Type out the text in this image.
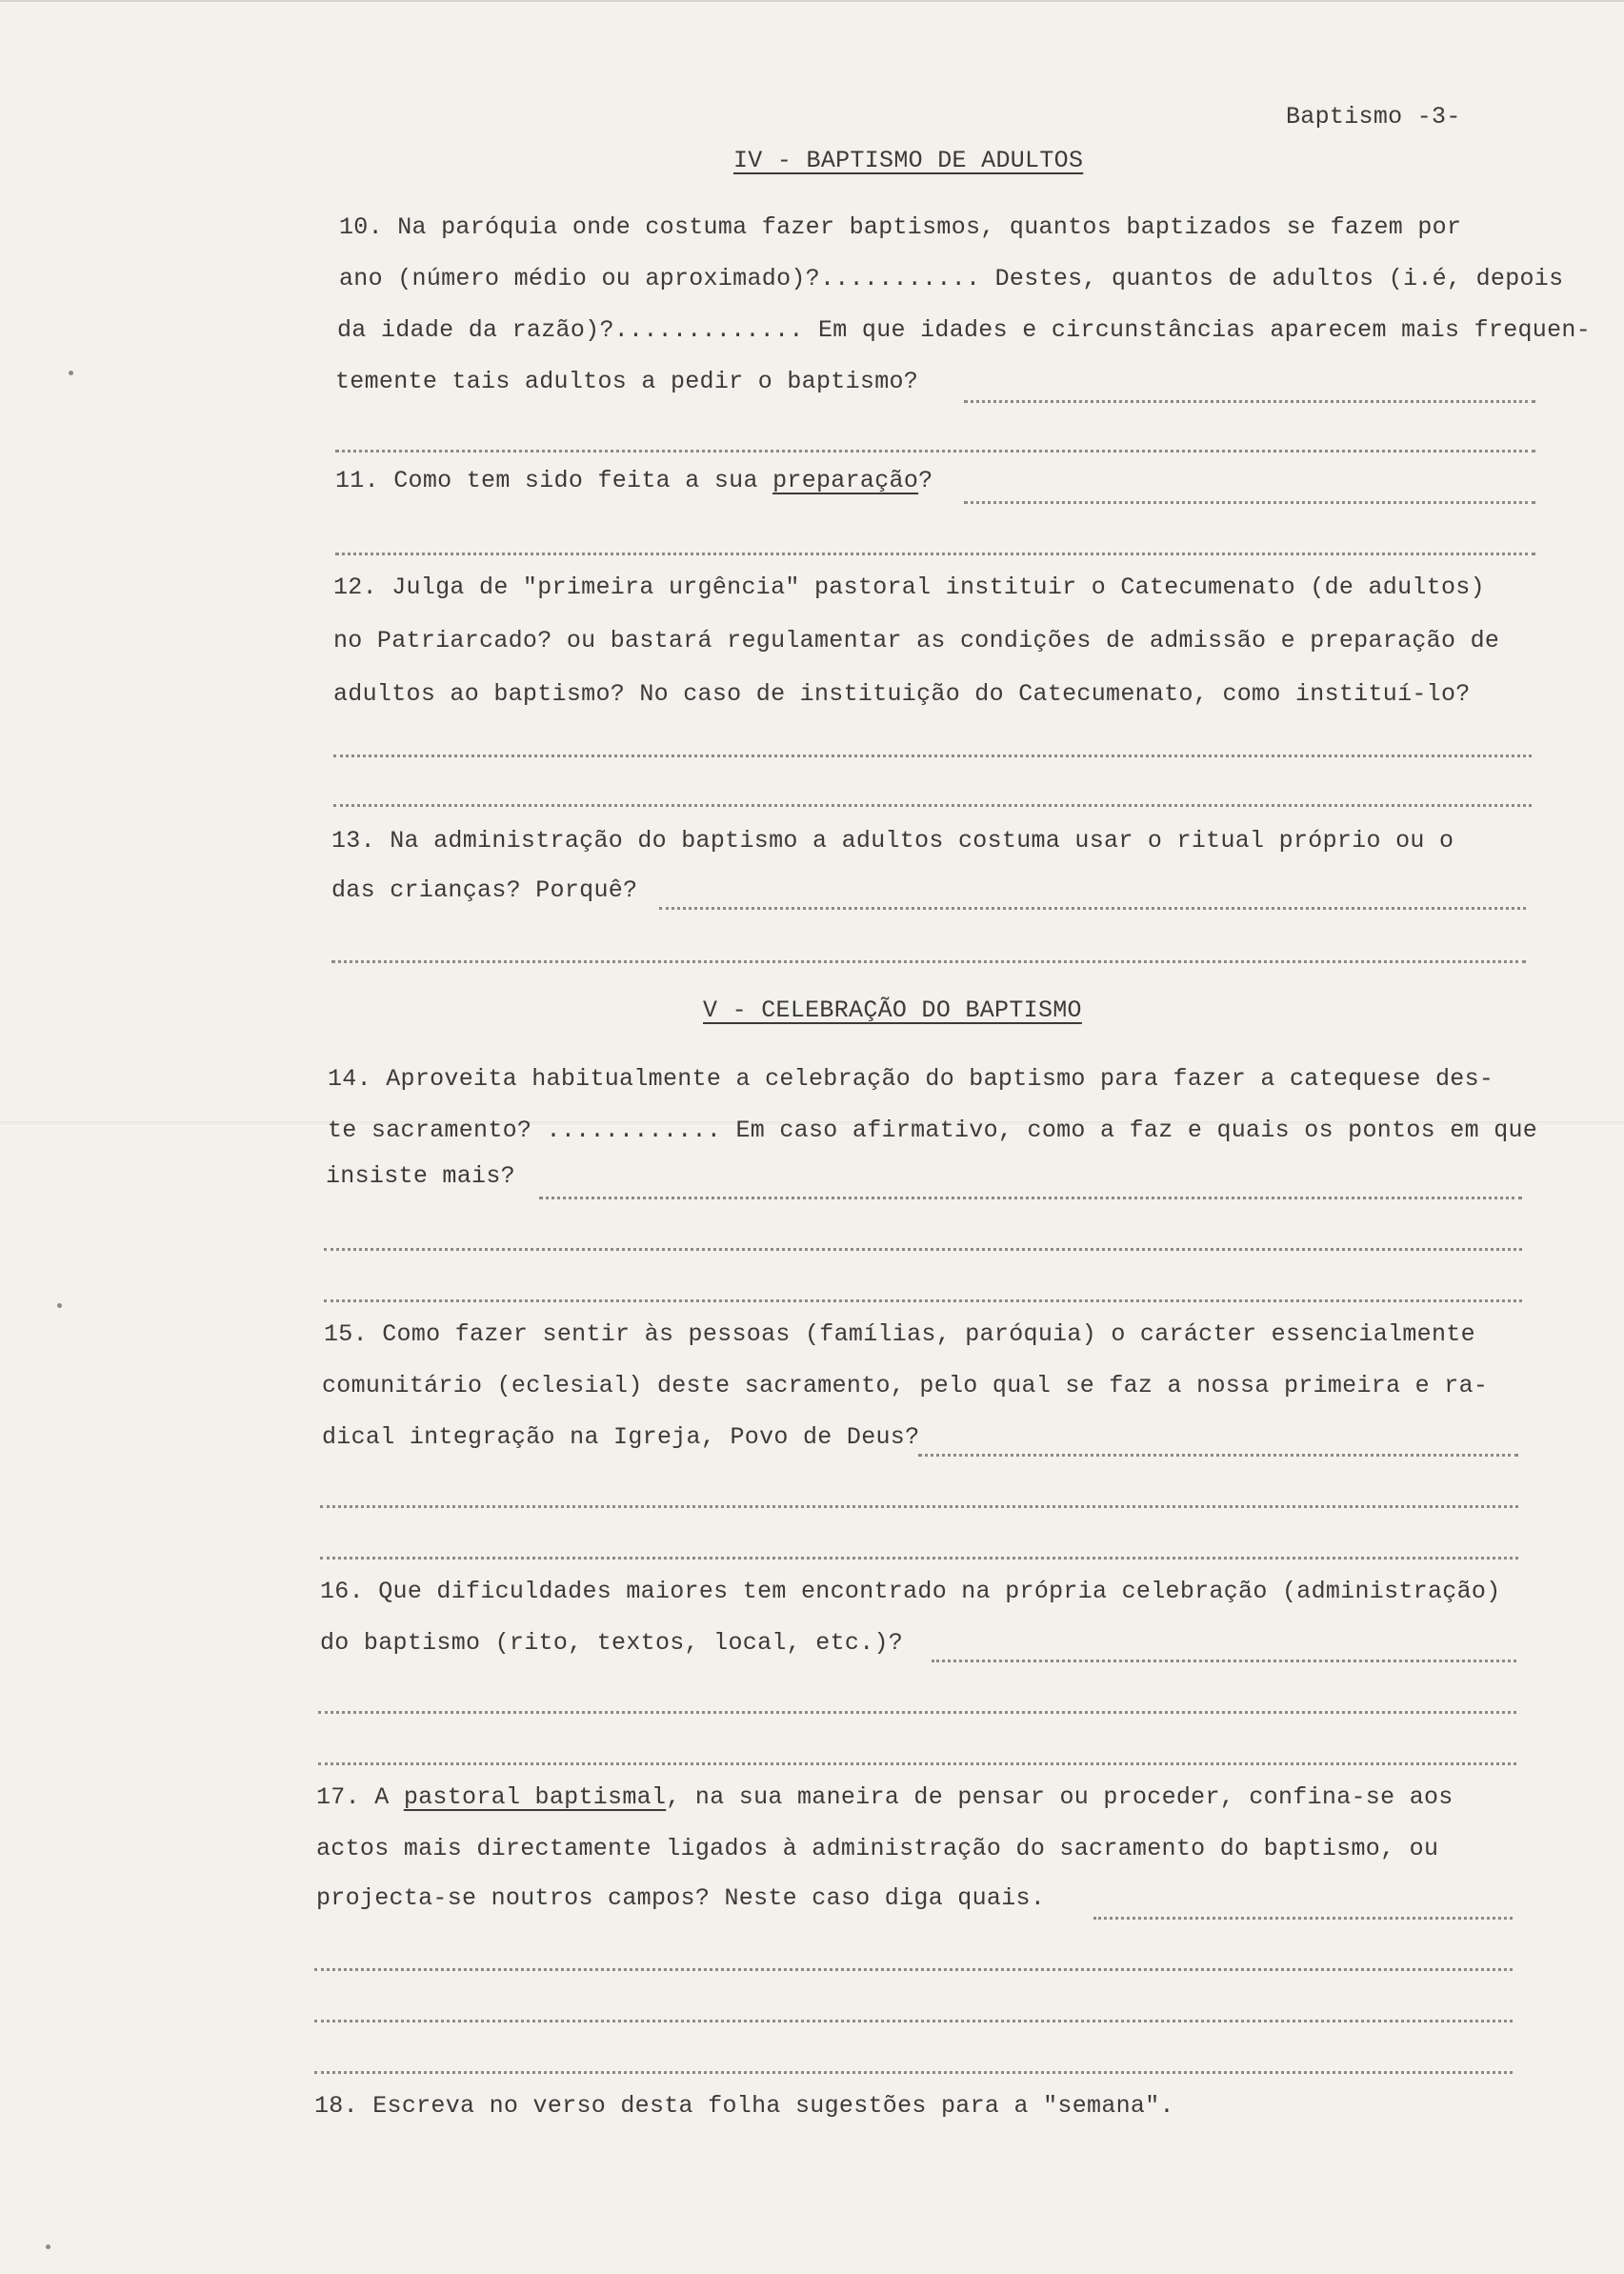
Baptismo -3-
IV - BAPTISMO DE ADULTOS
10. Na paróquia onde costuma fazer baptismos, quantos baptizados se fazem por
ano (número médio ou aproximado)?........... Destes, quantos de adultos (i.é, depois
da idade da razão)?............. Em que idades e circunstâncias aparecem mais frequen-
temente tais adultos a pedir o baptismo?
11. Como tem sido feita a sua preparação?
12. Julga de "primeira urgência" pastoral instituir o Catecumenato (de adultos)
no Patriarcado? ou bastará regulamentar as condições de admissão e preparação de
adultos ao baptismo? No caso de instituição do Catecumenato, como instituí-lo?
13. Na administração do baptismo a adultos costuma usar o ritual próprio ou o
das crianças? Porquê?
V - CELEBRAÇÃO DO BAPTISMO
14. Aproveita habitualmente a celebração do baptismo para fazer a catequese des-
te sacramento? ............ Em caso afirmativo, como a faz e quais os pontos em que
insiste mais?
15. Como fazer sentir às pessoas (famílias, paróquia) o carácter essencialmente
comunitário (eclesial) deste sacramento, pelo qual se faz a nossa primeira e ra-
dical integração na Igreja, Povo de Deus?
16. Que dificuldades maiores tem encontrado na própria celebração (administração)
do baptismo (rito, textos, local, etc.)?
17. A pastoral baptismal, na sua maneira de pensar ou proceder, confina-se aos
actos mais directamente ligados à administração do sacramento do baptismo, ou
projecta-se noutros campos? Neste caso diga quais.
18. Escreva no verso desta folha sugestões para a "semana".
